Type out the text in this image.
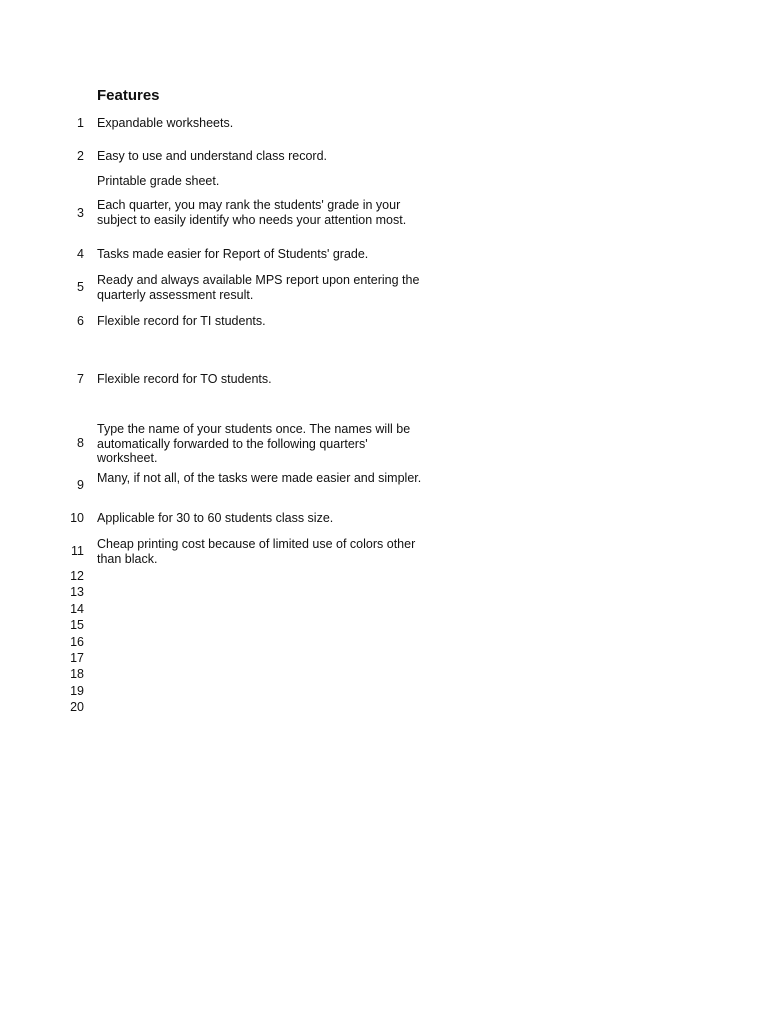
Features
1 Expandable worksheets.
2 Easy to use and understand class record.
Printable grade sheet.
3
Each quarter, you may rank the students' grade in your subject to easily identify who needs your attention most.
4 Tasks made easier for Report of Students' grade.
5 Ready and always available MPS report upon entering the quarterly assessment result.
6 Flexible record for TI students.
7 Flexible record for TO students.
8
Type the name of your students once. The names will be automatically forwarded to the following quarters' worksheet.
9 Many, if not all, of the tasks were made easier and simpler.
10 Applicable for 30 to 60 students class size.
11 Cheap printing cost because of limited use of colors other than black.
12
13
14
15
16
17
18
19
20
